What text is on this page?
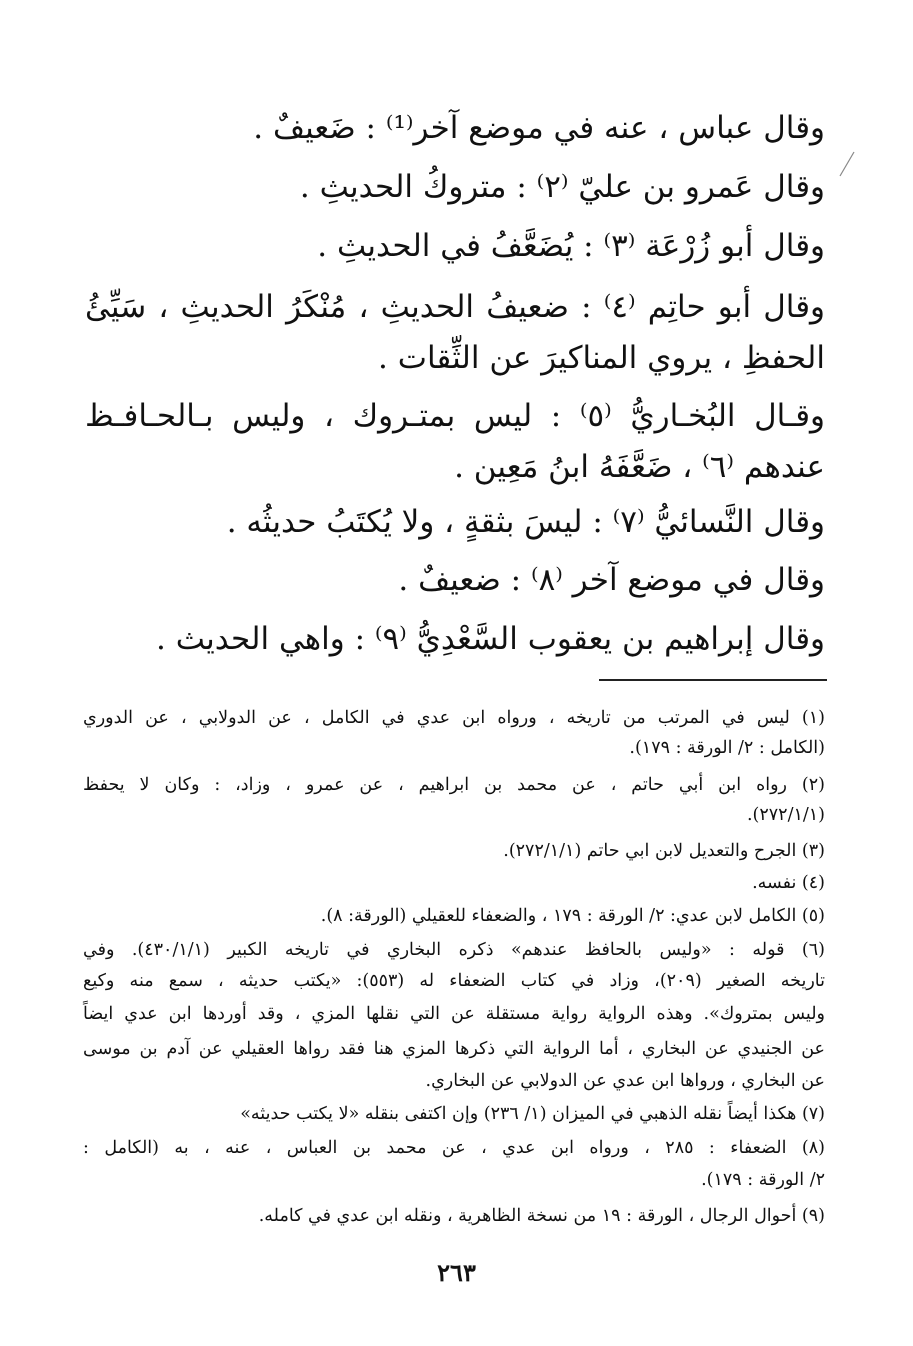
وقال عباس ، عنه في موضع آخر⁽¹⁾ : ضَعيفٌ .
وقال عَمرو بن عليّ ⁽٢⁾ : متروكُ الحديثِ .
وقال أبو زُرْعَة ⁽٣⁾ : يُضَعَّفُ في الحديثِ .
وقال أبو حاتِم ⁽٤⁾ : ضعيفُ الحديثِ ، مُنْكَرُ الحديثِ ، سَيِّئُ
الحفظِ ، يروي المناكيرَ عن الثِّقات .
وقـال البُخـاريُّ ⁽٥⁾ : ليس بمتـروك ، وليس بـالحـافـظ
عندهم ⁽٦⁾ ، ضَعَّفَهُ ابنُ مَعِين .
وقال النَّسائيُّ ⁽٧⁾ : ليسَ بثقةٍ ، ولا يُكتَبُ حديثُه .
وقال في موضع آخر ⁽٨⁾ : ضعيفٌ .
وقال إبراهيم بن يعقوب السَّعْدِيُّ ⁽٩⁾ : واهي الحديث .
(١) ليس في المرتب من تاريخه ، ورواه ابن عدي في الكامل ، عن الدولابي ، عن الدوري
(الكامل : ٢/ الورقة : ١٧٩).
(٢) رواه ابن أبي حاتم ، عن محمد بن ابراهيم ، عن عمرو ، وزاد، : وكان لا يحفظ
(٢٧٢/١/١).
(٣) الجرح والتعديل لابن ابي حاتم (٢٧٢/١/١).
(٤) نفسه.
(٥) الكامل لابن عدي: ٢/ الورقة : ١٧٩ ، والضعفاء للعقيلي (الورقة: ٨).
(٦) قوله : «وليس بالحافظ عندهم» ذكره البخاري في تاريخه الكبير (٤٣٠/١/١). وفي
تاريخه الصغير (٢٠٩)، وزاد في كتاب الضعفاء له (٥٥٣): «يكتب حديثه ، سمع منه وكيع
وليس بمتروك». وهذه الرواية رواية مستقلة عن التي نقلها المزي ، وقد أوردها ابن عدي ايضاً
عن الجنيدي عن البخاري ، أما الرواية التي ذكرها المزي هنا فقد رواها العقيلي عن آدم بن موسى
عن البخاري ، ورواها ابن عدي عن الدولابي عن البخاري.
(٧) هكذا أيضاً نقله الذهبي في الميزان (١/ ٢٣٦) وإن اكتفى بنقله «لا يكتب حديثه»
(٨) الضعفاء : ٢٨٥ ، ورواه ابن عدي ، عن محمد بن العباس ، عنه ، به (الكامل :
٢/ الورقة : ١٧٩).
(٩) أحوال الرجال ، الورقة : ١٩ من نسخة الظاهرية ، ونقله ابن عدي في كامله.
٢٦٣
